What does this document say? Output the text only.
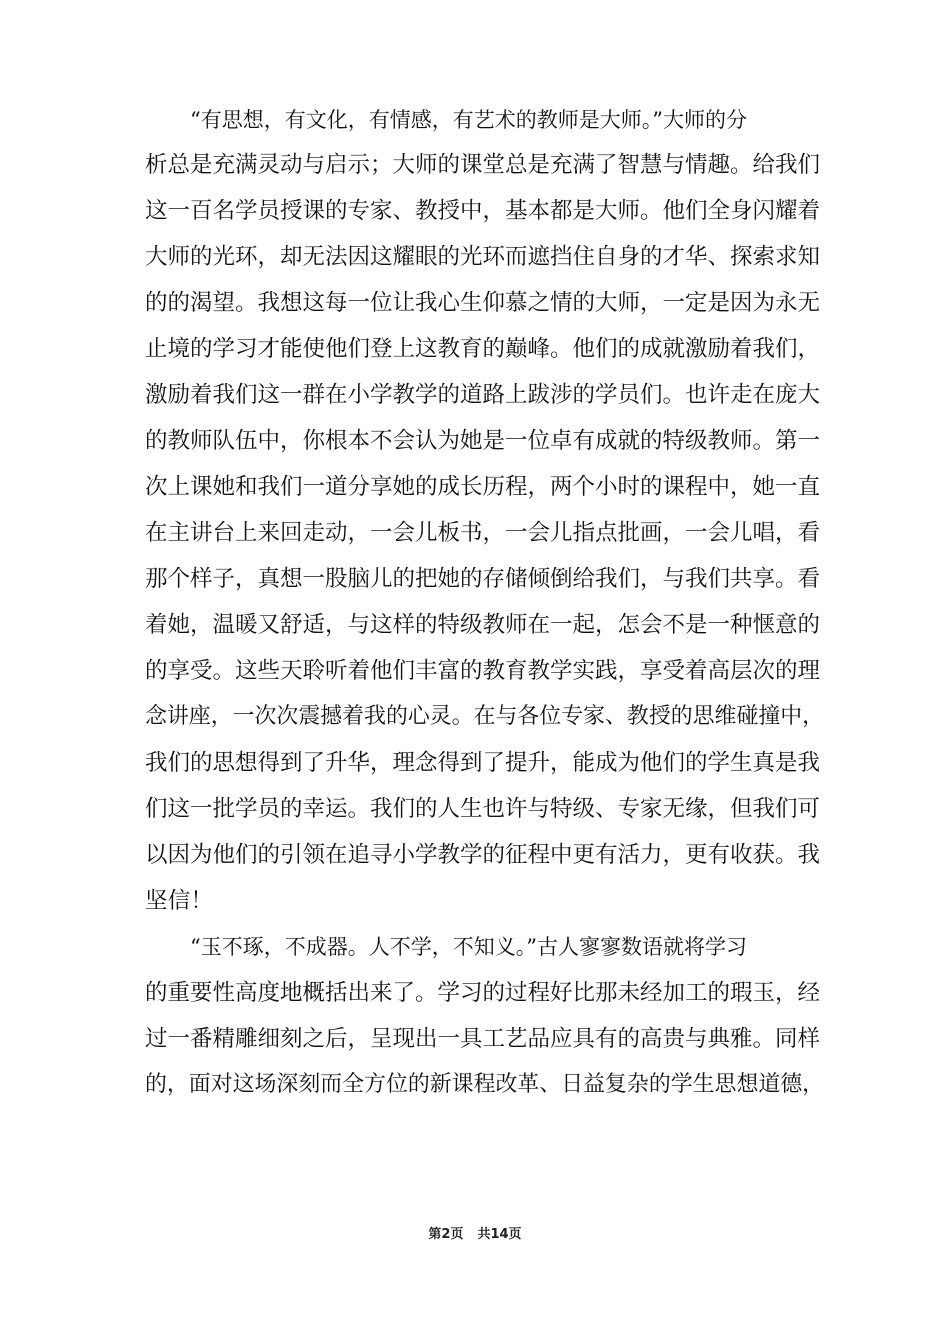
“有思想，有文化，有情感，有艺术的教师是大师。”大师的分
析总是充满灵动与启示；大师的课堂总是充满了智慧与情趣。给我们
这一百名学员授课的专家、教授中，基本都是大师。他们全身闪耀着
大师的光环，却无法因这耀眼的光环而遮挡住自身的才华、探索求知
的的渴望。我想这每一位让我心生仰慕之情的大师，一定是因为永无
止境的学习才能使他们登上这教育的巅峰。他们的成就激励着我们，
激励着我们这一群在小学教学的道路上跋涉的学员们。也许走在庞大
的教师队伍中，你根本不会认为她是一位卓有成就的特级教师。第一
次上课她和我们一道分享她的成长历程，两个小时的课程中，她一直
在主讲台上来回走动，一会儿板书，一会儿指点批画，一会儿唱，看
那个样子，真想一股脑儿的把她的存储倾倒给我们，与我们共享。看
着她，温暖又舒适，与这样的特级教师在一起，怎会不是一种惬意的
的享受。这些天聆听着他们丰富的教育教学实践，享受着高层次的理
念讲座，一次次震撼着我的心灵。在与各位专家、教授的思维碰撞中，
我们的思想得到了升华，理念得到了提升，能成为他们的学生真是我
们这一批学员的幸运。我们的人生也许与特级、专家无缘，但我们可
以因为他们的引领在追寻小学教学的征程中更有活力，更有收获。我
坚信！
“玉不琢，不成器。人不学，不知义。”古人寥寥数语就将学习
的重要性高度地概括出来了。学习的过程好比那未经加工的瑕玉，经
过一番精雕细刻之后，呈现出一具工艺品应具有的高贵与典雅。同样
的，面对这场深刻而全方位的新课程改革、日益复杂的学生思想道德，
第2页 共14页
